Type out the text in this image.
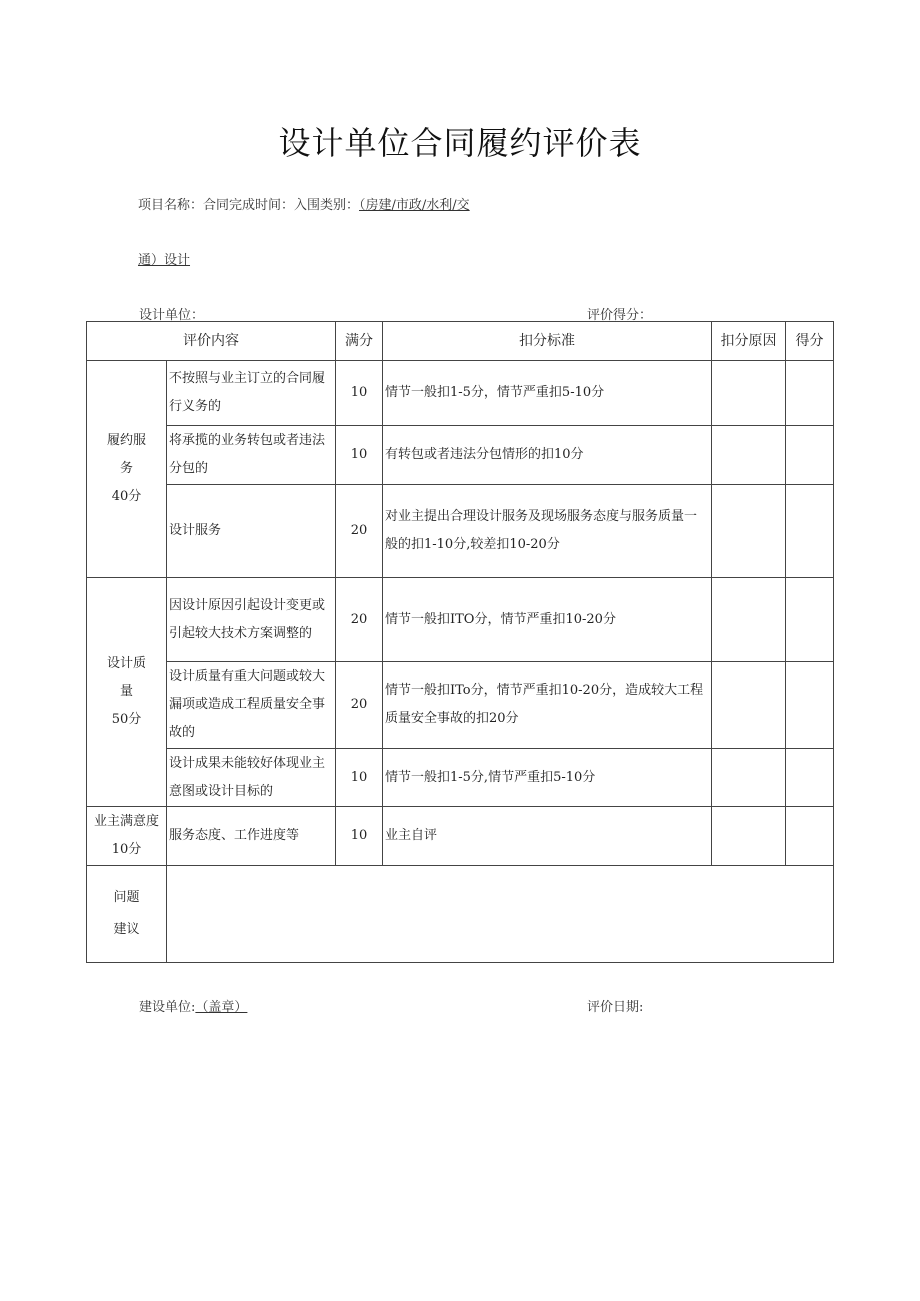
设计单位合同履约评价表
项目名称：合同完成时间：入围类别：（房建/市政/水利/交
通）设计
设计单位：	评价得分：
评价内容		满分	扣分标准	扣分原因	得分

履约服
务
40分	不按照与业主订立的合同履行义务的	10	情节一般扣1-5分，情节严重扣5-10分		
	将承揽的业务转包或者违法分包的	10	有转包或者违法分包情形的扣10分		
	设计服务	20	对业主提出合理设计服务及现场服务态度与服务质量一般的扣1-10分,较差扣10-20分		

设计质
量
50分	因设计原因引起设计变更或引起较大技术方案调整的	20	情节一般扣ITO分，情节严重扣10-20分		
	设计质量有重大问题或较大漏项或造成工程质量安全事故的	20	情节一般扣ITo分，情节严重扣10-20分，造成较大工程质量安全事故的扣20分		
	设计成果未能较好体现业主意图或设计目标的	10	情节一般扣1-5分,情节严重扣5-10分		

业主满意度
10分	服务态度、工作进度等	10	业主自评		

问题
建议					

建设单位:（盖章）	评价日期:
